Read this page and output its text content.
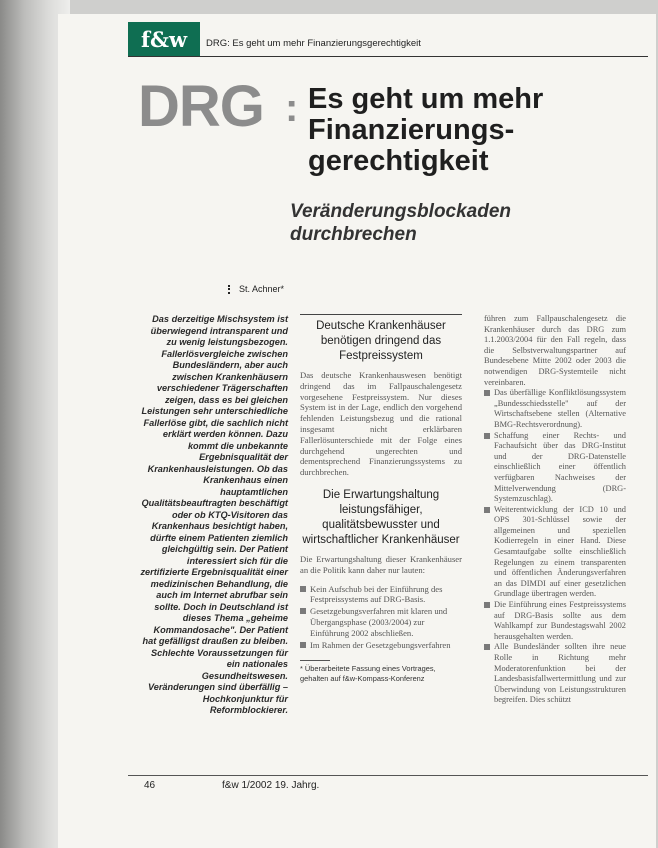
f&w	DRG: Es geht um mehr Finanzierungsgerechtigkeit
DRG : Es geht um mehr
Finanzierungs-
gerechtigkeit
Veränderungsblockaden
durchbrechen
St. Achner*
Das derzeitige Mischsystem ist überwiegend intransparent und zu wenig leistungsbezogen. Fallerlösvergleiche zwischen Bundesländern, aber auch zwischen Krankenhäusern verschiedener Trägerschaften zeigen, dass es bei gleichen Leistungen sehr unterschiedliche Fallerlöse gibt, die sachlich nicht erklärt werden können. Dazu kommt die unbekannte Ergebnisqualität der Krankenhausleistungen. Ob das Krankenhaus einen hauptamtlichen Qualitätsbeauftragten beschäftigt oder ob KTQ-Visitoren das Krankenhaus besichtigt haben, dürfte einem Patienten ziemlich gleichgültig sein. Der Patient interessiert sich für die zertifizierte Ergebnisqualität einer medizinischen Behandlung, die auch im Internet abrufbar sein sollte. Doch in Deutschland ist dieses Thema „geheime Kommandosache". Der Patient hat gefälligst draußen zu bleiben. Schlechte Voraussetzungen für ein nationales Gesundheitswesen. Veränderungen sind überfällig – Hochkonjunktur für Reformblockierer.
Deutsche Krankenhäuser benötigen dringend das Festpreissystem

Das deutsche Krankenhauswesen benötigt dringend das im Fallpauschalengesetz vorgesehene Festpreissystem. Nur dieses System ist in der Lage, endlich den vorgehend fehlenden Leistungsbezug und die rational insgesamt nicht erklärbaren Fallerlösunterschiede mit der Folge eines durchgehend ungerechten und dementsprechend Finanzierungssystems zu durchbrechen.

Die Erwartungshaltung leistungsfähiger, qualitätsbewusster und wirtschaftlicher Krankenhäuser

Die Erwartungshaltung dieser Krankenhäuser an die Politik kann daher nur lauten:

Kein Aufschub bei der Einführung des Festpreissystems auf DRG-Basis.
Gesetzgebungsverfahren mit klaren und Übergangsphase (2003/2004) zur Einführung 2002 abschließen.
Im Rahmen der Gesetzgebungsverfahren
* Überarbeitete Fassung eines Vortrages, gehalten auf f&w-Kompass-Konferenz

führen zum Fallpauschalengesetz die Krankenhäuser durch das DRG zum 1.1.2003/2004 für den Fall regeln, dass die Selbstverwaltungspartner auf Bundesebene Mitte 2002 oder 2003 die notwendigen DRG-Systemteile nicht vereinbaren.

Das überfällige Konfliktlösungssystem „Bundesschiedsstelle" auf der Wirtschaftsebene stellen (Alternative BMG-Rechtsverordnung).
Schaffung einer Rechts- und Fachaufsicht über das DRG-Institut und der DRG-Datenstelle einschließlich einer öffentlich verfügbaren Nachweises der Mittelverwendung (DRG-Systemzuschlag).
Weiterentwicklung der ICD 10 und OPS 301-Schlüssel sowie der allgemeinen und speziellen Kodierregeln in einer Hand. Diese Gesamtaufgabe sollte einschließlich Regelungen zu einem transparenten und öffentlichen Änderungsverfahren an das DIMDI auf einer gesetzlichen Grundlage übertragen werden.
Die Einführung eines Festpreissystems auf DRG-Basis sollte aus dem Wahlkampf zur Bundestagswahl 2002 herausgehalten werden.
Alle Bundesländer sollten ihre neue Rolle in Richtung mehr Moderatorenfunktion bei der Landesbasisfallwertermittlung und zur Überwindung von Leistungsstrukturen begreifen. Dies schützt
46	f&w 1/2002 19. Jahrg.
